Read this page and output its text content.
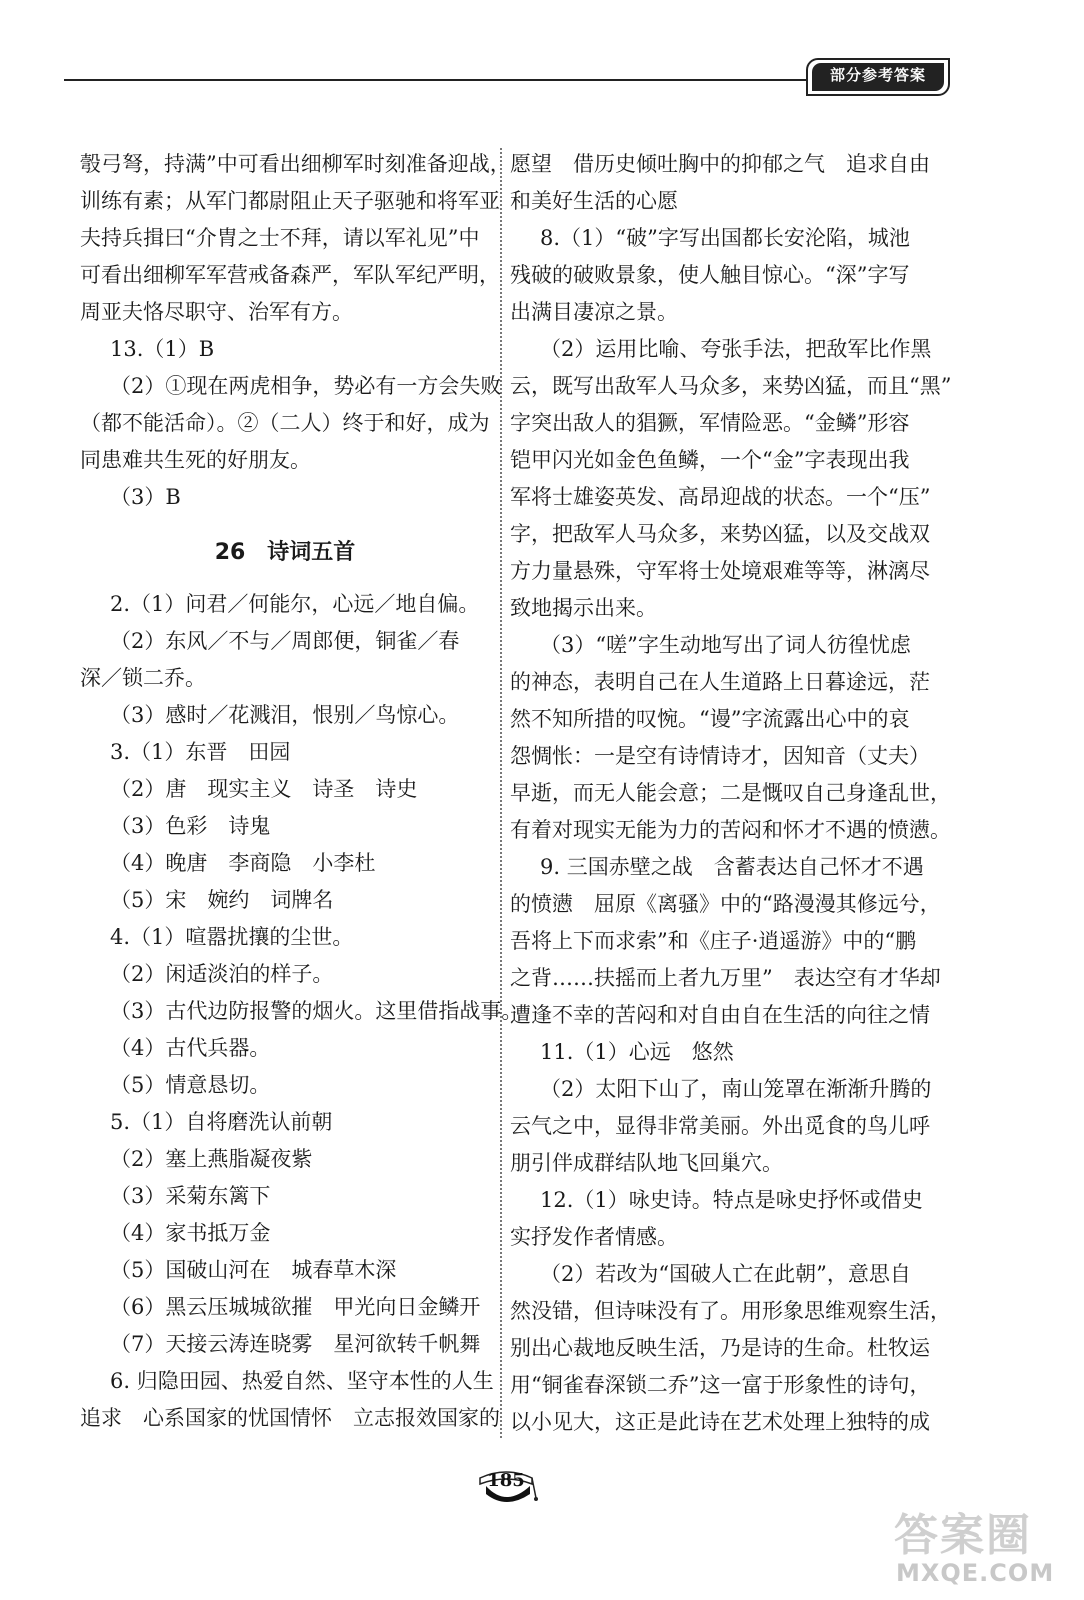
部分参考答案

彀弓弩，持满”中可看出细柳军时刻准备迎战，

训练有素；从军门都尉阻止天子驱驰和将军亚

夫持兵揖曰“介胄之士不拜，请以军礼见”中

可看出细柳军军营戒备森严，军队军纪严明，

周亚夫恪尽职守、治军有方。

13.（1）B

（2）①现在两虎相争，势必有一方会失败

（都不能活命）。②（二人）终于和好，成为

同患难共生死的好朋友。

（3）B

26　诗词五首

2.（1）问君／何能尔，心远／地自偏。

（2）东风／不与／周郎便，铜雀／春

深／锁二乔。

（3）感时／花溅泪，恨别／鸟惊心。

3.（1）东晋　田园

（2）唐　现实主义　诗圣　诗史

（3）色彩　诗鬼

（4）晚唐　李商隐　小李杜

（5）宋　婉约　词牌名

4.（1）喧嚣扰攘的尘世。

（2）闲适淡泊的样子。

（3）古代边防报警的烟火。这里借指战事。

（4）古代兵器。

（5）情意恳切。

5.（1）自将磨洗认前朝

（2）塞上燕脂凝夜紫

（3）采菊东篱下

（4）家书抵万金

（5）国破山河在　城春草木深

（6）黑云压城城欲摧　甲光向日金鳞开

（7）天接云涛连晓雾　星河欲转千帆舞

6. 归隐田园、热爱自然、坚守本性的人生

追求　心系国家的忧国情怀　立志报效国家的

愿望　借历史倾吐胸中的抑郁之气　追求自由

和美好生活的心愿

8.（1）“破”字写出国都长安沦陷，城池

残破的破败景象，使人触目惊心。“深”字写

出满目凄凉之景。

（2）运用比喻、夸张手法，把敌军比作黑

云，既写出敌军人马众多，来势凶猛，而且“黑”

字突出敌人的猖獗，军情险恶。“金鳞”形容

铠甲闪光如金色鱼鳞，一个“金”字表现出我

军将士雄姿英发、高昂迎战的状态。一个“压”

字，把敌军人马众多，来势凶猛，以及交战双

方力量悬殊，守军将士处境艰难等等，淋漓尽

致地揭示出来。

（3）“嗟”字生动地写出了词人彷徨忧虑

的神态，表明自己在人生道路上日暮途远，茫

然不知所措的叹惋。“谩”字流露出心中的哀

怨惆怅：一是空有诗情诗才，因知音（丈夫）

早逝，而无人能会意；二是慨叹自己身逢乱世，

有着对现实无能为力的苦闷和怀才不遇的愤懑。

9. 三国赤壁之战　含蓄表达自己怀才不遇

的愤懑　屈原《离骚》中的“路漫漫其修远兮，

吾将上下而求索”和《庄子·逍遥游》中的“鹏

之背……扶摇而上者九万里”　表达空有才华却

遭逢不幸的苦闷和对自由自在生活的向往之情

11.（1）心远　悠然

（2）太阳下山了，南山笼罩在渐渐升腾的

云气之中，显得非常美丽。外出觅食的鸟儿呼

朋引伴成群结队地飞回巢穴。

12.（1）咏史诗。特点是咏史抒怀或借史

实抒发作者情感。

（2）若改为“国破人亡在此朝”，意思自

然没错，但诗味没有了。用形象思维观察生活，

别出心裁地反映生活，乃是诗的生命。杜牧运

用“铜雀春深锁二乔”这一富于形象性的诗句，

以小见大，这正是此诗在艺术处理上独特的成

185
答案圈
MXQE.COM
